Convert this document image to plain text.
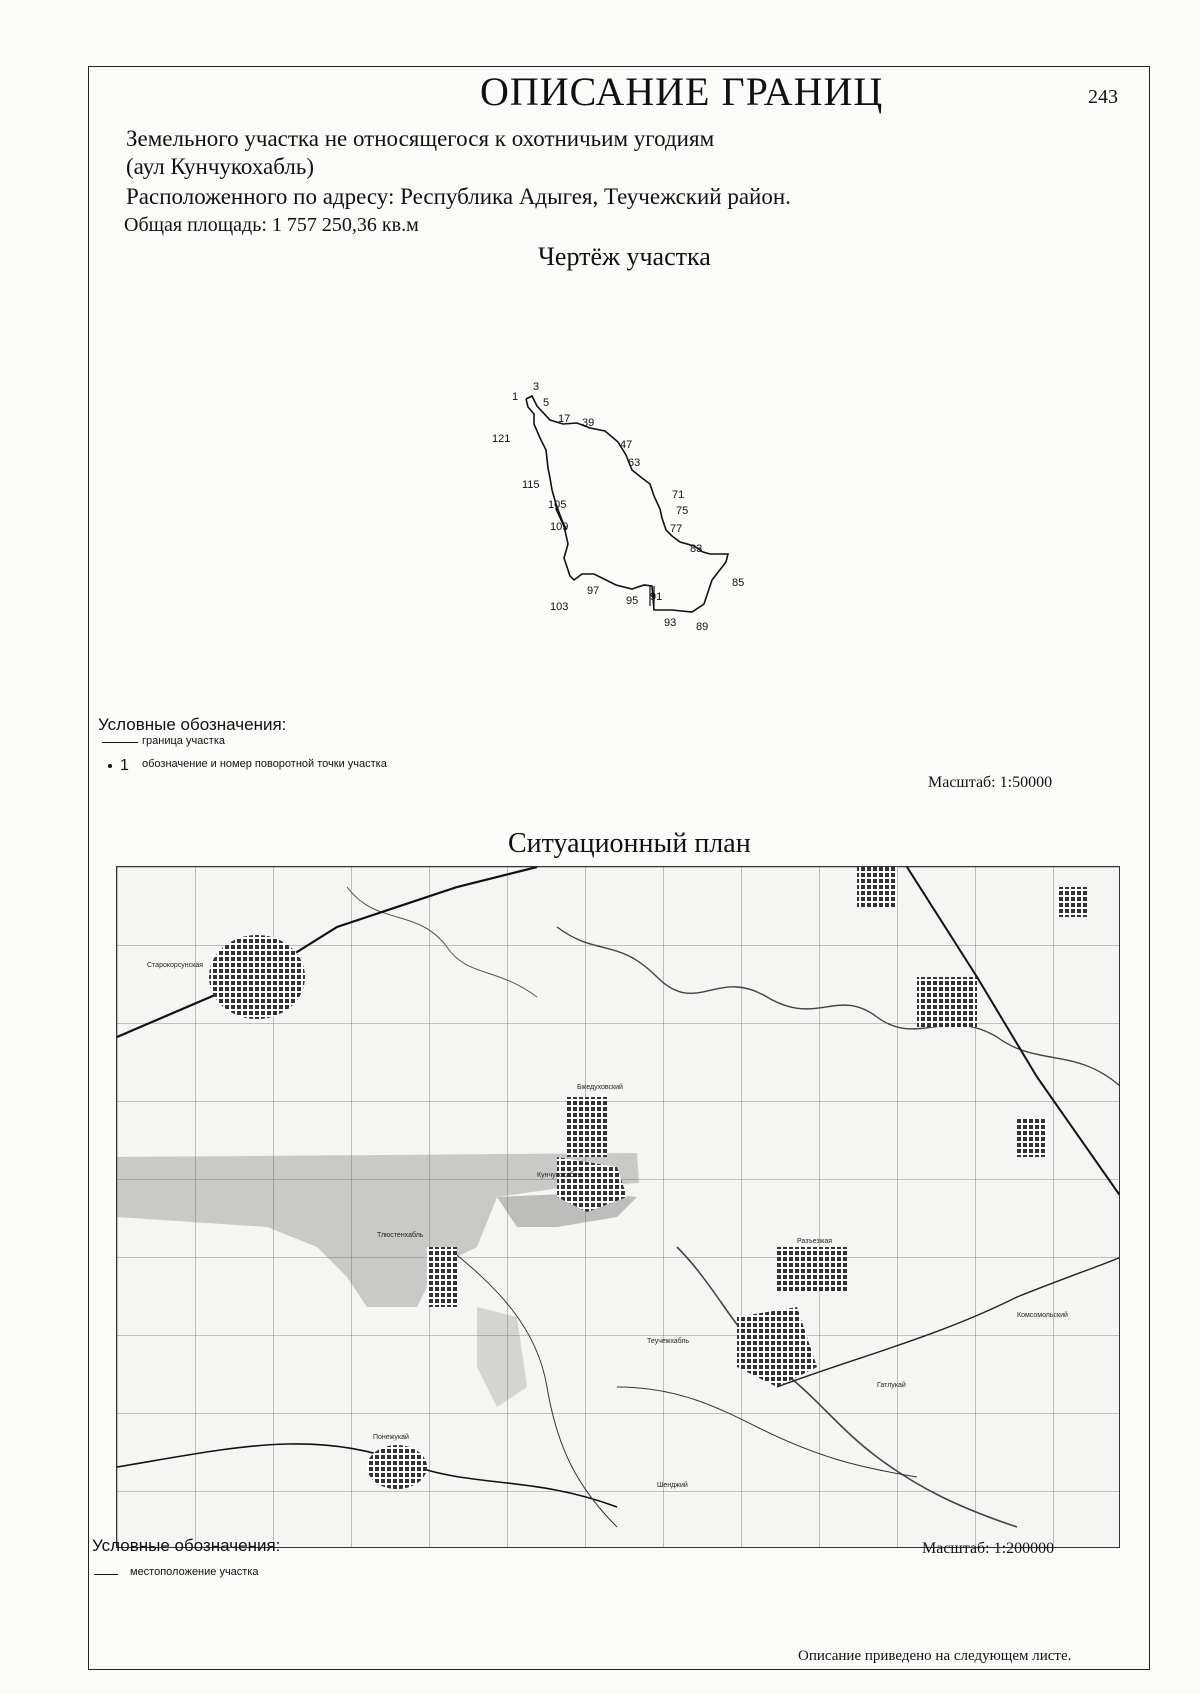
ОПИСАНИЕ ГРАНИЦ	243
Земельного участка не относящегося к охотничьим угодиям
(аул Кунчукохабль)
Расположенного по адресу: Республика Адыгея, Теучежский район.
Общая площадь: 1 757 250,36 кв.м
Чертёж участка
3
1 5
17 39
47
63
71
75
77
83
85
89
93
91
95
97
103
109
105
115
121
Условные обозначения:
граница участка
1 обозначение и номер поворотной точки участка
Масштаб: 1:50000
Ситуационный план
Старокорсунская
Бжедуховский
Кунчукохабль
Тлюстенхабль
Разъезжая
Теучежхабль
Понежукай
Шенджий
Комсомольский
Гатлукай
Условные обозначения:
местоположение участка
Масштаб: 1:200000
Описание приведено на следующем листе.
